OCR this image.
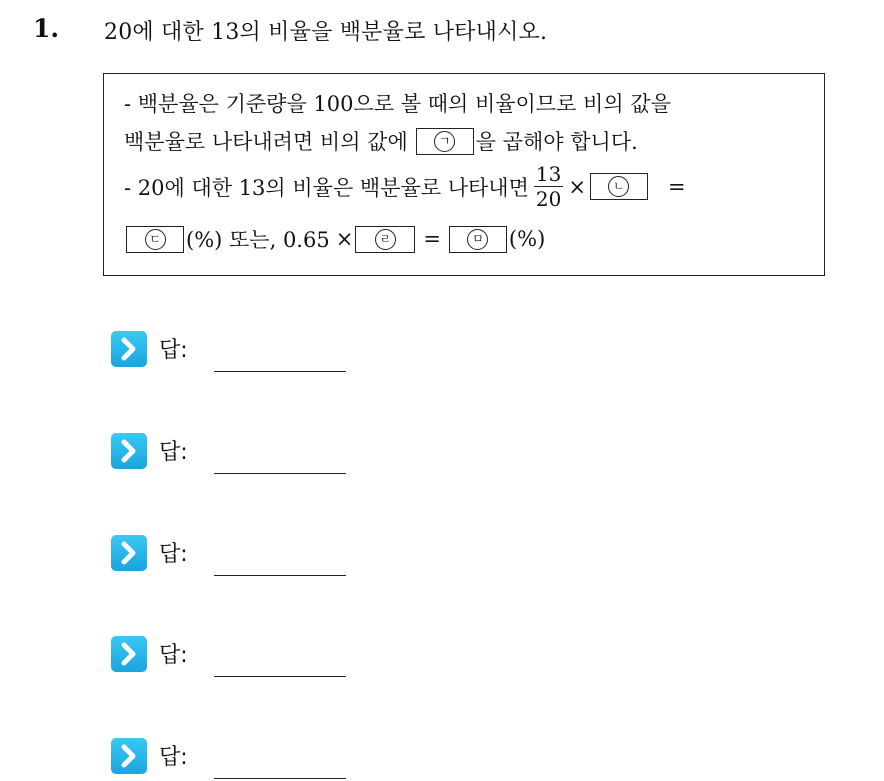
1. 20에 대한 13의 비율을 백분율로 나타내시오.
- 백분율은 기준량을 100으로 볼 때의 비율이므로 비의 값을
백분율로 나타내려면 비의 값에	ㄱ	을 곱해야 합니다.
- 20에 대한 13의 비율은 백분율로 나타내면 $\frac{13}{20}$ ×	ㄴ	=
ㄷ	(%) 또는, 0.65 ×	ㄹ	=	ㅁ	(%)
답:
답:
답:
답:
답:
